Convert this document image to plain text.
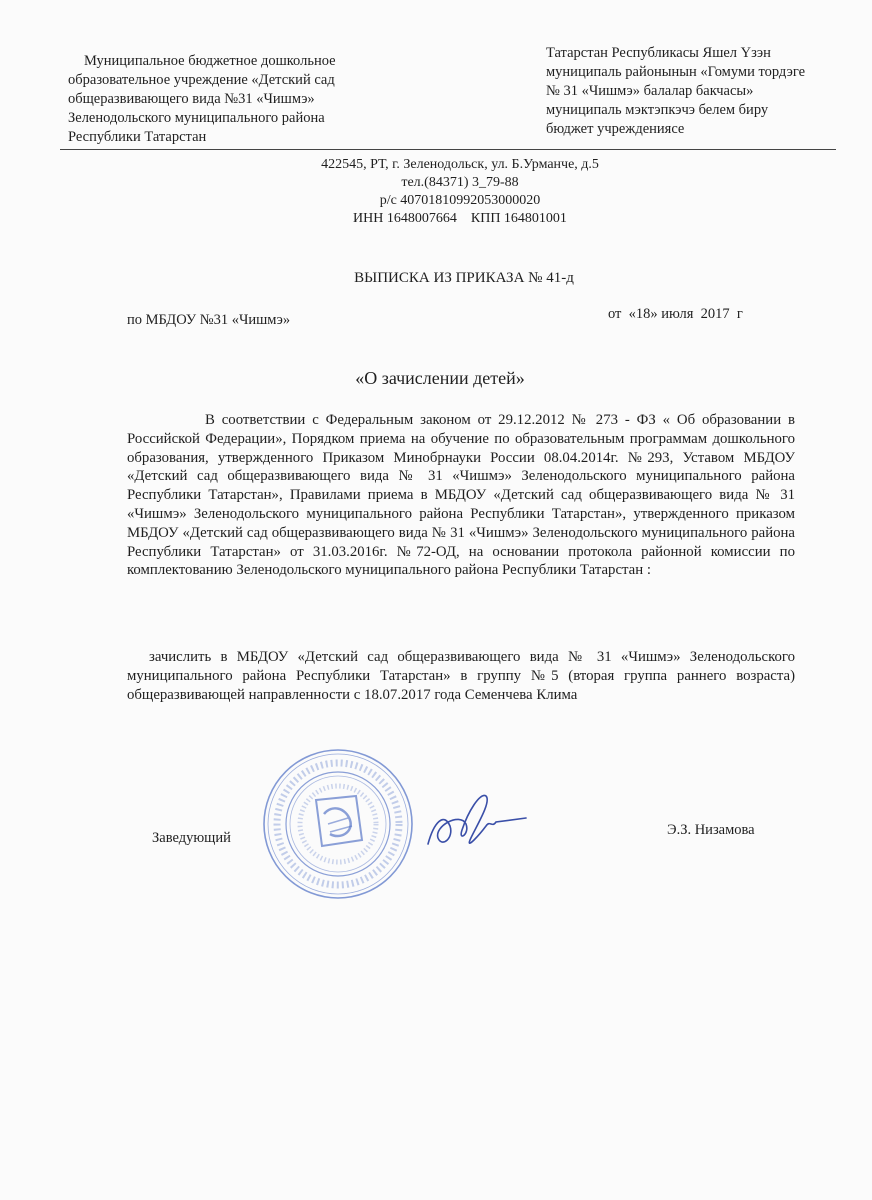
Муниципальное бюджетное дошкольное
образовательное учреждение «Детский сад
общеразвивающего вида №31 «Чишмэ»
Зеленодольского муниципального района
Республики Татарстан
Татарстан Республикасы Яшел Үзэн
муниципаль районынын «Гомуми тордэге
№ 31 «Чишмэ» балалар бакчасы»
муниципаль мэктэпкэчэ белем биру
бюджет учреждениясе
422545, РТ, г. Зеленодольск, ул. Б.Урманче, д.5
тел.(84371) 3_79-88
р/с 40701810992053000020
ИНН 1648007664    КПП 164801001
ВЫПИСКА ИЗ ПРИКАЗА № 41-д
по МБДОУ №31 «Чишмэ»	от  «18» июля  2017  г
«О зачислении детей»
В соответствии с Федеральным законом от 29.12.2012 № 273 - ФЗ « Об образовании в Российской Федерации», Порядком приема на обучение по образовательным программам дошкольного образования, утвержденного Приказом Минобрнауки России 08.04.2014г. №293, Уставом МБДОУ «Детский сад общеразвивающего вида № 31 «Чишмэ» Зеленодольского муниципального района Республики Татарстан», Правилами приема в МБДОУ «Детский сад общеразвивающего вида № 31 «Чишмэ» Зеленодольского муниципального района Республики Татарстан», утвержденного приказом МБДОУ «Детский сад общеразвивающего вида № 31 «Чишмэ» Зеленодольского муниципального района Республики Татарстан» от 31.03.2016г. №72-ОД, на основании протокола районной комиссии по комплектованию Зеленодольского муниципального района Республики Татарстан :
зачислить в МБДОУ «Детский сад общеразвивающего вида № 31 «Чишмэ» Зеленодольского муниципального района Республики Татарстан» в группу №5 (вторая группа раннего возраста) общеразвивающей направленности с 18.07.2017 года Семенчева Клима
Заведующий	Э.З. Низамова
